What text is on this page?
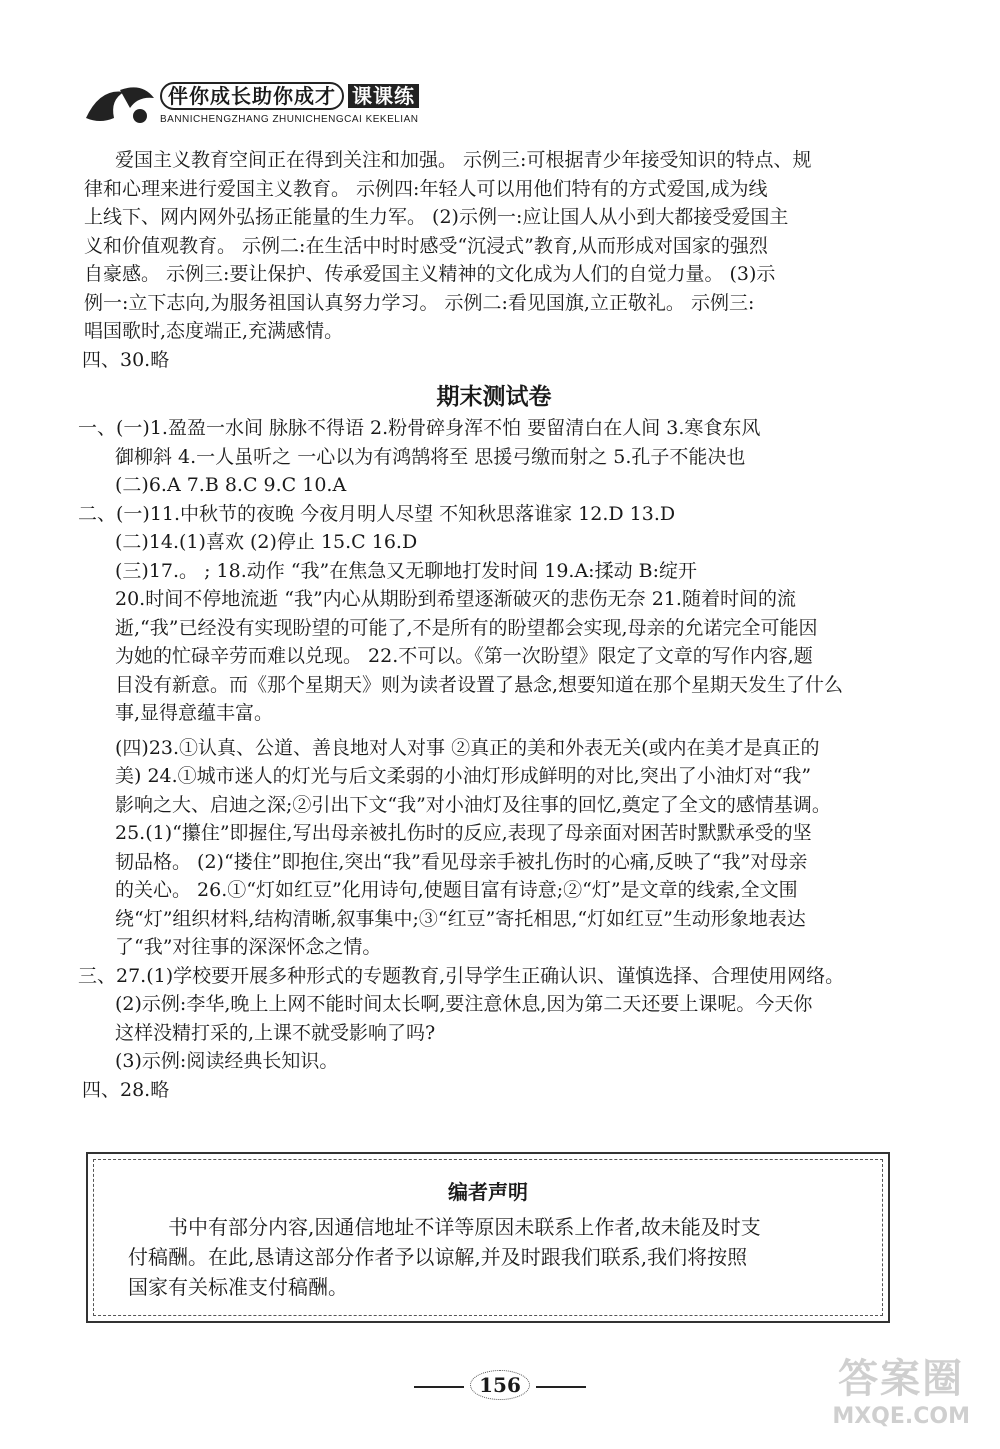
伴你成长助你成才 课课练
BANNICHENGZHANG ZHUNICHENGCAI KEKELIAN

爱国主义教育空间正在得到关注和加强。 示例三:可根据青少年接受知识的特点、规

律和心理来进行爱国主义教育。 示例四:年轻人可以用他们特有的方式爱国,成为线

上线下、网内网外弘扬正能量的生力军。 (2)示例一:应让国人从小到大都接受爱国主

义和价值观教育。 示例二:在生活中时时感受“沉浸式”教育,从而形成对国家的强烈

自豪感。 示例三:要让保护、传承爱国主义精神的文化成为人们的自觉力量。 (3)示

例一:立下志向,为服务祖国认真努力学习。 示例二:看见国旗,立正敬礼。 示例三:

唱国歌时,态度端正,充满感情。

四、30.略

期末测试卷

一、(一)1.盈盈一水间 脉脉不得语 2.粉骨碎身浑不怕 要留清白在人间 3.寒食东风

御柳斜 4.一人虽听之 一心以为有鸿鹄将至 思援弓缴而射之 5.孔子不能决也

(二)6.A 7.B 8.C 9.C 10.A

二、(一)11.中秋节的夜晚 今夜月明人尽望 不知秋思落谁家 12.D 13.D

(二)14.(1)喜欢 (2)停止 15.C 16.D

(三)17.。 ; 18.动作 “我”在焦急又无聊地打发时间 19.A:揉动 B:绽开

20.时间不停地流逝 “我”内心从期盼到希望逐渐破灭的悲伤无奈 21.随着时间的流

逝,“我”已经没有实现盼望的可能了,不是所有的盼望都会实现,母亲的允诺完全可能因

为她的忙碌辛劳而难以兑现。 22.不可以。《第一次盼望》限定了文章的写作内容,题

目没有新意。而《那个星期天》则为读者设置了悬念,想要知道在那个星期天发生了什么

事,显得意蕴丰富。

(四)23.①认真、公道、善良地对人对事 ②真正的美和外表无关(或内在美才是真正的

美) 24.①城市迷人的灯光与后文柔弱的小油灯形成鲜明的对比,突出了小油灯对“我”

影响之大、启迪之深;②引出下文“我”对小油灯及往事的回忆,奠定了全文的感情基调。

25.(1)“攥住”即握住,写出母亲被扎伤时的反应,表现了母亲面对困苦时默默承受的坚

韧品格。 (2)“搂住”即抱住,突出“我”看见母亲手被扎伤时的心痛,反映了“我”对母亲

的关心。 26.①“灯如红豆”化用诗句,使题目富有诗意;②“灯”是文章的线索,全文围

绕“灯”组织材料,结构清晰,叙事集中;③“红豆”寄托相思,“灯如红豆”生动形象地表达

了“我”对往事的深深怀念之情。

三、27.(1)学校要开展多种形式的专题教育,引导学生正确认识、谨慎选择、合理使用网络。

(2)示例:李华,晚上上网不能时间太长啊,要注意休息,因为第二天还要上课呢。今天你

这样没精打采的,上课不就受影响了吗?

(3)示例:阅读经典长知识。

四、28.略

编者声明
书中有部分内容,因通信地址不详等原因未联系上作者,故未能及时支
付稿酬。在此,恳请这部分作者予以谅解,并及时跟我们联系,我们将按照
国家有关标准支付稿酬。
156	答案圈
MXQE.COM
